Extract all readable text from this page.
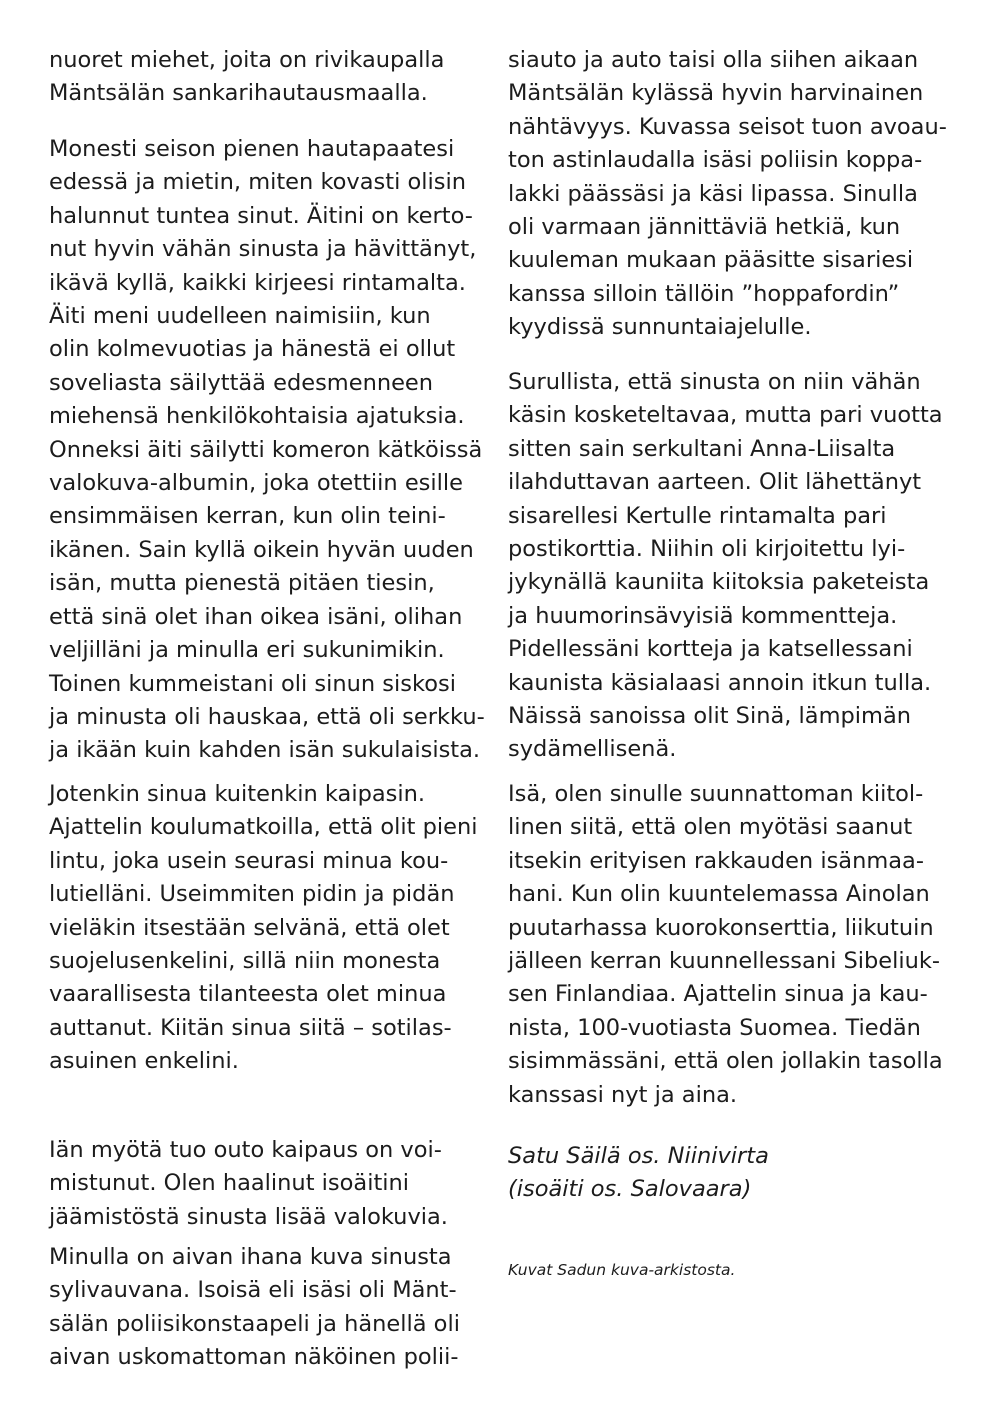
nuoret miehet, joita on rivikaupalla
Mäntsälän sankarihautausmaalla.

Monesti seison pienen hautapaatesi
edessä ja mietin, miten kovasti olisin
halunnut tuntea sinut. Äitini on kerto-
nut hyvin vähän sinusta ja hävittänyt,
ikävä kyllä, kaikki kirjeesi rintamalta.
Äiti meni uudelleen naimisiin, kun
olin kolmevuotias ja hänestä ei ollut
soveliasta säilyttää edesmenneen
miehensä henkilökohtaisia ajatuksia.
Onneksi äiti säilytti komeron kätköissä
valokuva-albumin, joka otettiin esille
ensimmäisen kerran, kun olin teini-
ikänen. Sain kyllä oikein hyvän uuden
isän, mutta pienestä pitäen tiesin,
että sinä olet ihan oikea isäni, olihan
veljilläni ja minulla eri sukunimikin.
Toinen kummeistani oli sinun siskosi
ja minusta oli hauskaa, että oli serkku-
ja ikään kuin kahden isän sukulaisista.

Jotenkin sinua kuitenkin kaipasin.
Ajattelin koulumatkoilla, että olit pieni
lintu, joka usein seurasi minua kou-
lutielläni. Useimmiten pidin ja pidän
vieläkin itsestään selvänä, että olet
suojelusenkelini, sillä niin monesta
vaarallisesta tilanteesta olet minua
auttanut. Kiitän sinua siitä – sotilas-
asuinen enkelini.

Iän myötä tuo outo kaipaus on voi-
mistunut. Olen haalinut isoäitini
jäämistöstä sinusta lisää valokuvia.

Minulla on aivan ihana kuva sinusta
sylivauvana. Isoisä eli isäsi oli Mänt-
sälän poliisikonstaapeli ja hänellä oli
aivan uskomattoman näköinen polii-

siauto ja auto taisi olla siihen aikaan
Mäntsälän kylässä hyvin harvinainen
nähtävyys. Kuvassa seisot tuon avoau-
ton astinlaudalla isäsi poliisin koppa-
lakki päässäsi ja käsi lipassa. Sinulla
oli varmaan jännittäviä hetkiä, kun
kuuleman mukaan pääsitte sisariesi
kanssa silloin tällöin ”hoppafordin”
kyydissä sunnuntaiajelulle.

Surullista, että sinusta on niin vähän
käsin kosketeltavaa, mutta pari vuotta
sitten sain serkultani Anna-Liisalta
ilahduttavan aarteen. Olit lähettänyt
sisarellesi Kertulle rintamalta pari
postikorttia. Niihin oli kirjoitettu lyi-
jykynällä kauniita kiitoksia paketeista
ja huumorinsävyisiä kommentteja.
Pidellessäni kortteja ja katsellessani
kaunista käsialaasi annoin itkun tulla.
Näissä sanoissa olit Sinä, lämpimän
sydämellisenä.

Isä, olen sinulle suunnattoman kiitol-
linen siitä, että olen myötäsi saanut
itsekin erityisen rakkauden isänmaa-
hani. Kun olin kuuntelemassa Ainolan
puutarhassa kuorokonserttia, liikutuin
jälleen kerran kuunnellessani Sibeliuk-
sen Finlandiaa. Ajattelin sinua ja kau-
nista, 100-vuotiasta Suomea. Tiedän
sisimmässäni, että olen jollakin tasolla
kanssasi nyt ja aina.

Satu Säilä os. Niinivirta
(isoäiti os. Salovaara)

Kuvat Sadun kuva-arkistosta.
